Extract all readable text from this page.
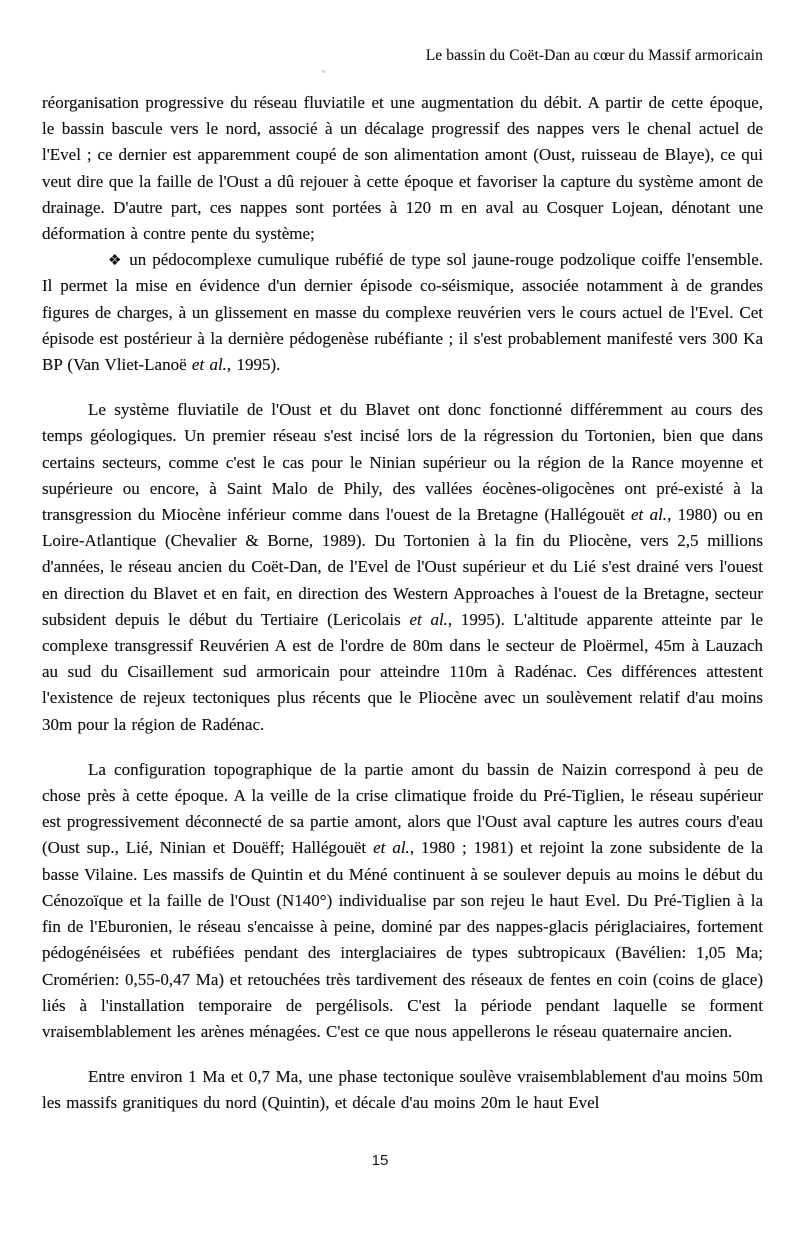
Le bassin du Coët-Dan au cœur du Massif armoricain

réorganisation progressive du réseau fluviatile et une augmentation du débit. A partir de cette époque, le bassin bascule vers le nord, associé à un décalage progressif des nappes vers le chenal actuel de l'Evel ; ce dernier est apparemment coupé de son alimentation amont (Oust, ruisseau de Blaye), ce qui veut dire que la faille de l'Oust a dû rejouer à cette époque et favoriser la capture du système amont de drainage. D'autre part, ces nappes sont portées à 120 m en aval au Cosquer Lojean, dénotant une déformation à contre pente du système;

❖ un pédocomplexe cumulique rubéfié de type sol jaune-rouge podzolique coiffe l'ensemble. Il permet la mise en évidence d'un dernier épisode co-séismique, associée notamment à de grandes figures de charges, à un glissement en masse du complexe reuvérien vers le cours actuel de l'Evel. Cet épisode est postérieur à la dernière pédogenèse rubéfiante ; il s'est probablement manifesté vers 300 Ka BP (Van Vliet-Lanoë et al., 1995).

Le système fluviatile de l'Oust et du Blavet ont donc fonctionné différemment au cours des temps géologiques. Un premier réseau s'est incisé lors de la régression du Tortonien, bien que dans certains secteurs, comme c'est le cas pour le Ninian supérieur ou la région de la Rance moyenne et supérieure ou encore, à Saint Malo de Phily, des vallées éocènes-oligocènes ont pré-existé à la transgression du Miocène inférieur comme dans l'ouest de la Bretagne (Hallégouët et al., 1980) ou en Loire-Atlantique (Chevalier & Borne, 1989). Du Tortonien à la fin du Pliocène, vers 2,5 millions d'années, le réseau ancien du Coët-Dan, de l'Evel de l'Oust supérieur et du Lié s'est drainé vers l'ouest en direction du Blavet et en fait, en direction des Western Approaches à l'ouest de la Bretagne, secteur subsident depuis le début du Tertiaire (Lericolais et al., 1995). L'altitude apparente atteinte par le complexe transgressif Reuvérien A est de l'ordre de 80m dans le secteur de Ploërmel, 45m à Lauzach au sud du Cisaillement sud armoricain pour atteindre 110m à Radénac. Ces différences attestent l'existence de rejeux tectoniques plus récents que le Pliocène avec un soulèvement relatif d'au moins 30m pour la région de Radénac.

La configuration topographique de la partie amont du bassin de Naizin correspond à peu de chose près à cette époque. A la veille de la crise climatique froide du Pré-Tiglien, le réseau supérieur est progressivement déconnecté de sa partie amont, alors que l'Oust aval capture les autres cours d'eau (Oust sup., Lié, Ninian et Douëff; Hallégouët et al., 1980 ; 1981) et rejoint la zone subsidente de la basse Vilaine. Les massifs de Quintin et du Méné continuent à se soulever depuis au moins le début du Cénozoïque et la faille de l'Oust (N140°) individualise par son rejeu le haut Evel. Du Pré-Tiglien à la fin de l'Eburonien, le réseau s'encaisse à peine, dominé par des nappes-glacis périglaciaires, fortement pédogénéisées et rubéfiées pendant des interglaciaires de types subtropicaux (Bavélien: 1,05 Ma; Cromérien: 0,55-0,47 Ma) et retouchées très tardivement des réseaux de fentes en coin (coins de glace) liés à l'installation temporaire de pergélisols. C'est la période pendant laquelle se forment vraisemblablement les arènes ménagées. C'est ce que nous appellerons le réseau quaternaire ancien.

Entre environ 1 Ma et 0,7 Ma, une phase tectonique soulève vraisemblablement d'au moins 50m les massifs granitiques du nord (Quintin), et décale d'au moins 20m le haut Evel

15
